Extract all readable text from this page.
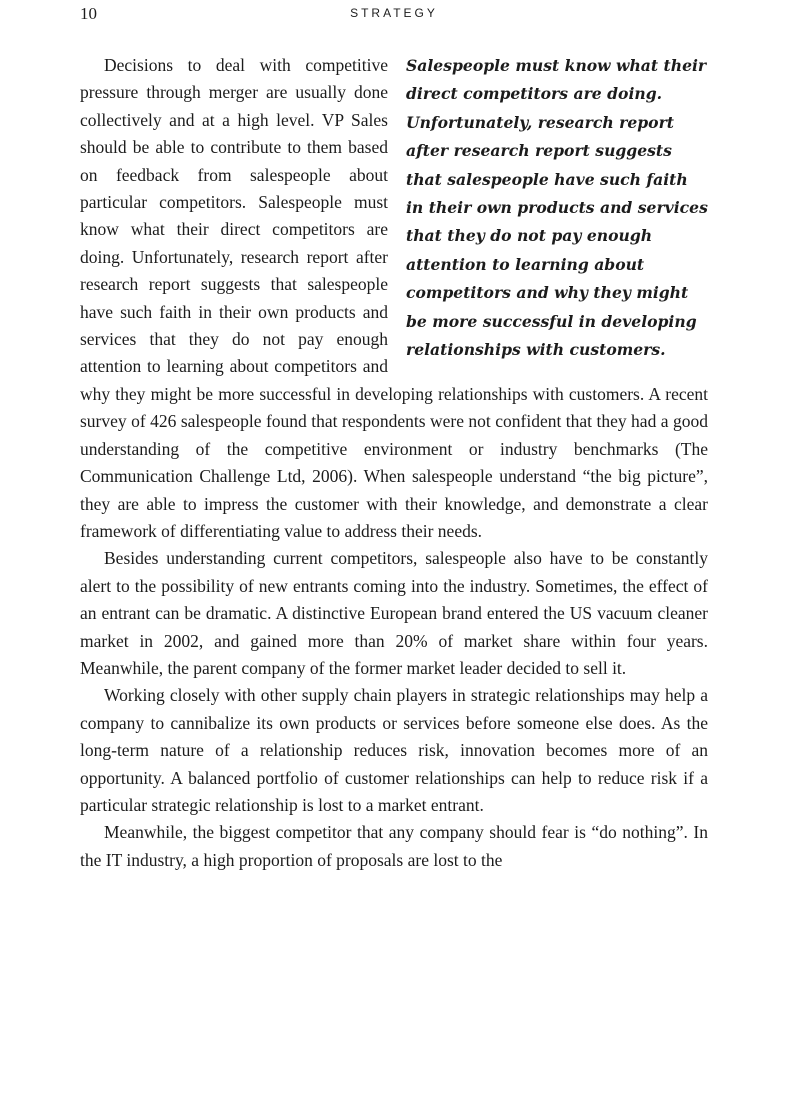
10	STRATEGY
Salespeople must know what their direct competitors are doing. Unfortunately, research report after research report suggests that salespeople have such faith in their own products and services that they do not pay enough attention to learning about competitors and why they might be more successful in developing relationships with customers.

Decisions to deal with competitive pressure through merger are usually done collectively and at a high level. VP Sales should be able to contribute to them based on feedback from salespeople about particular competitors. Salespeople must know what their direct competitors are doing. Unfortunately, research report after research report suggests that salespeople have such faith in their own products and services that they do not pay enough attention to learning about competitors and why they might be more successful in developing relationships with customers. A recent survey of 426 salespeople found that respondents were not confident that they had a good understanding of the competitive environment or industry benchmarks (The Communication Challenge Ltd, 2006). When salespeople understand “the big picture”, they are able to impress the customer with their knowledge, and demonstrate a clear framework of differentiating value to address their needs.

Besides understanding current competitors, salespeople also have to be constantly alert to the possibility of new entrants coming into the industry. Sometimes, the effect of an entrant can be dramatic. A distinctive European brand entered the US vacuum cleaner market in 2002, and gained more than 20% of market share within four years. Meanwhile, the parent company of the former market leader decided to sell it.

Working closely with other supply chain players in strategic relationships may help a company to cannibalize its own products or services before someone else does. As the long-term nature of a relationship reduces risk, innovation becomes more of an opportunity. A balanced portfolio of customer relationships can help to reduce risk if a particular strategic relationship is lost to a market entrant.

Meanwhile, the biggest competitor that any company should fear is “do nothing”. In the IT industry, a high proportion of proposals are lost to the
